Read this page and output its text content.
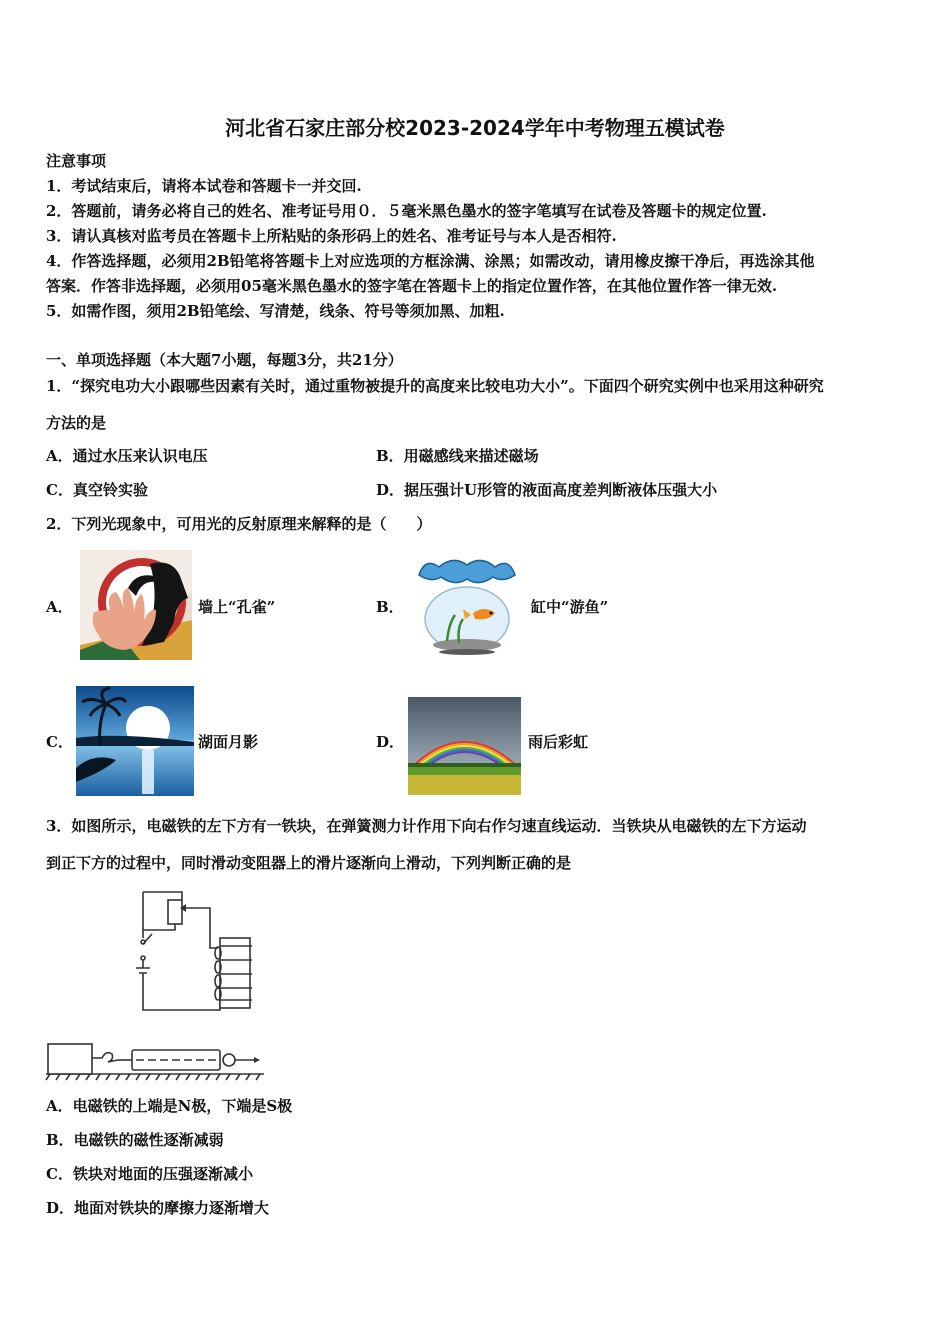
河北省石家庄部分校2023-2024学年中考物理五模试卷
注意事项
1．考试结束后，请将本试卷和答题卡一并交回.
2．答题前，请务必将自己的姓名、准考证号用０．５毫米黑色墨水的签字笔填写在试卷及答题卡的规定位置.
3．请认真核对监考员在答题卡上所粘贴的条形码上的姓名、准考证号与本人是否相符.
4．作答选择题，必须用2B铅笔将答题卡上对应选项的方框涂满、涂黑；如需改动，请用橡皮擦干净后，再选涂其他
答案．作答非选择题，必须用05毫米黑色墨水的签字笔在答题卡上的指定位置作答，在其他位置作答一律无效.
5．如需作图，须用2B铅笔绘、写清楚，线条、符号等须加黑、加粗.
一、单项选择题（本大题7小题，每题3分，共21分）
1．“探究电功大小跟哪些因素有关时，通过重物被提升的高度来比较电功大小”。下面四个研究实例中也采用这种研究
方法的是
A．通过水压来认识电压	B．用磁感线来描述磁场
C．真空铃实验	D．据压强计U形管的液面高度差判断液体压强大小
2．下列光现象中，可用光的反射原理来解释的是（　　）
A．	墙上“孔雀”	B．	缸中“游鱼”
C．	湖面月影	D．	雨后彩虹
3．如图所示，电磁铁的左下方有一铁块，在弹簧测力计作用下向右作匀速直线运动．当铁块从电磁铁的左下方运动
到正下方的过程中，同时滑动变阻器上的滑片逐渐向上滑动，下列判断正确的是
A．电磁铁的上端是N极，下端是S极
B．电磁铁的磁性逐渐减弱
C．铁块对地面的压强逐渐减小
D．地面对铁块的摩擦力逐渐增大
